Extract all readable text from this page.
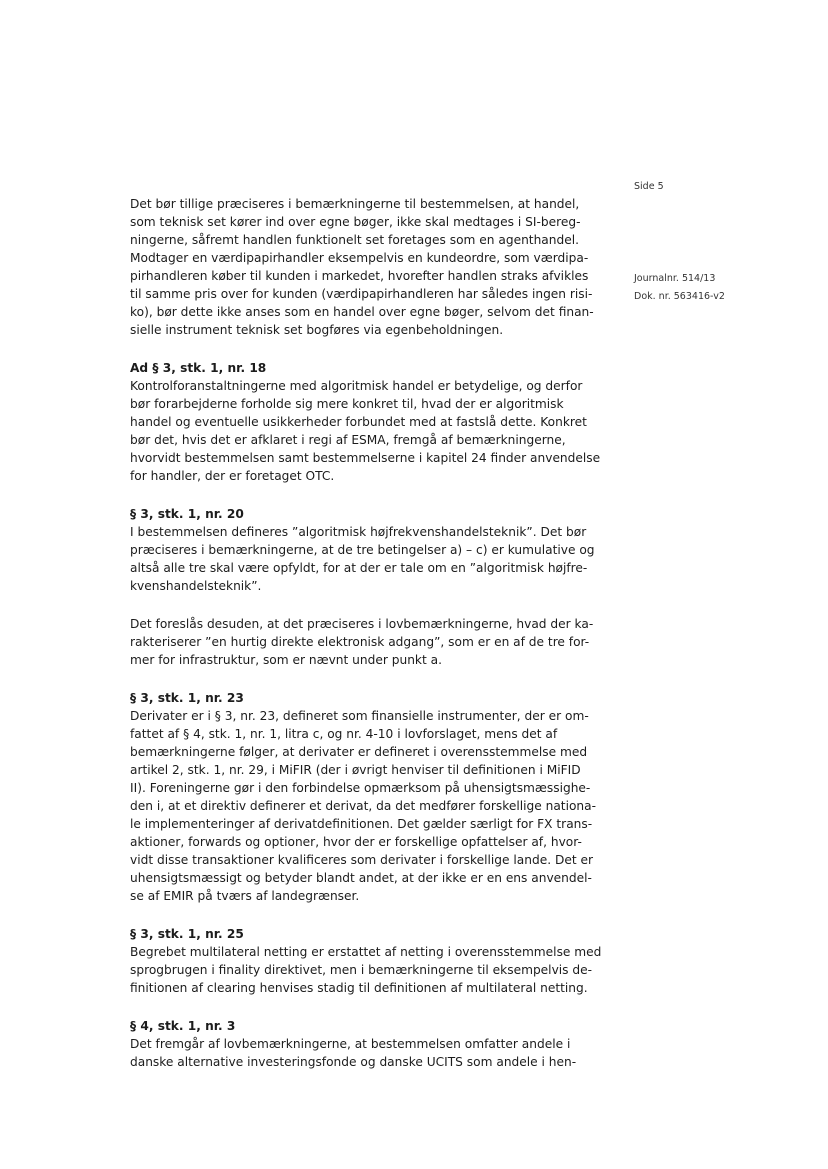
Side 5
Journalnr. 514/13
Dok. nr. 563416-v2
Det bør tillige præciseres i bemærkningerne til bestemmelsen, at handel,
som teknisk set kører ind over egne bøger, ikke skal medtages i SI-bereg-
ningerne, såfremt handlen funktionelt set foretages som en agenthandel.
Modtager en værdipapirhandler eksempelvis en kundeordre, som værdipa-
pirhandleren køber til kunden i markedet, hvorefter handlen straks afvikles
til samme pris over for kunden (værdipapirhandleren har således ingen risi-
ko), bør dette ikke anses som en handel over egne bøger, selvom det finan-
sielle instrument teknisk set bogføres via egenbeholdningen.
Ad § 3, stk. 1, nr. 18
Kontrolforanstaltningerne med algoritmisk handel er betydelige, og derfor
bør forarbejderne forholde sig mere konkret til, hvad der er algoritmisk
handel og eventuelle usikkerheder forbundet med at fastslå dette. Konkret
bør det, hvis det er afklaret i regi af ESMA, fremgå af bemærkningerne,
hvorvidt bestemmelsen samt bestemmelserne i kapitel 24 finder anvendelse
for handler, der er foretaget OTC.
§ 3, stk. 1, nr. 20
I bestemmelsen defineres ”algoritmisk højfrekvenshandelsteknik”. Det bør
præciseres i bemærkningerne, at de tre betingelser a) – c) er kumulative og
altså alle tre skal være opfyldt, for at der er tale om en ”algoritmisk højfre-
kvenshandelsteknik”.
Det foreslås desuden, at det præciseres i lovbemærkningerne, hvad der ka-
rakteriserer ”en hurtig direkte elektronisk adgang”, som er en af de tre for-
mer for infrastruktur, som er nævnt under punkt a.
§ 3, stk. 1, nr. 23
Derivater er i § 3, nr. 23, defineret som finansielle instrumenter, der er om-
fattet af § 4, stk. 1, nr. 1, litra c, og nr. 4-10 i lovforslaget, mens det af
bemærkningerne følger, at derivater er defineret i overensstemmelse med
artikel 2, stk. 1, nr. 29, i MiFIR (der i øvrigt henviser til definitionen i MiFID
II). Foreningerne gør i den forbindelse opmærksom på uhensigtsmæssighe-
den i, at et direktiv definerer et derivat, da det medfører forskellige nationa-
le implementeringer af derivatdefinitionen. Det gælder særligt for FX trans-
aktioner, forwards og optioner, hvor der er forskellige opfattelser af, hvor-
vidt disse transaktioner kvalificeres som derivater i forskellige lande. Det er
uhensigtsmæssigt og betyder blandt andet, at der ikke er en ens anvendel-
se af EMIR på tværs af landegrænser.
§ 3, stk. 1, nr. 25
Begrebet multilateral netting er erstattet af netting i overensstemmelse med
sprogbrugen i finality direktivet, men i bemærkningerne til eksempelvis de-
finitionen af clearing henvises stadig til definitionen af multilateral netting.
§ 4, stk. 1, nr. 3
Det fremgår af lovbemærkningerne, at bestemmelsen omfatter andele i
danske alternative investeringsfonde og danske UCITS som andele i hen-
